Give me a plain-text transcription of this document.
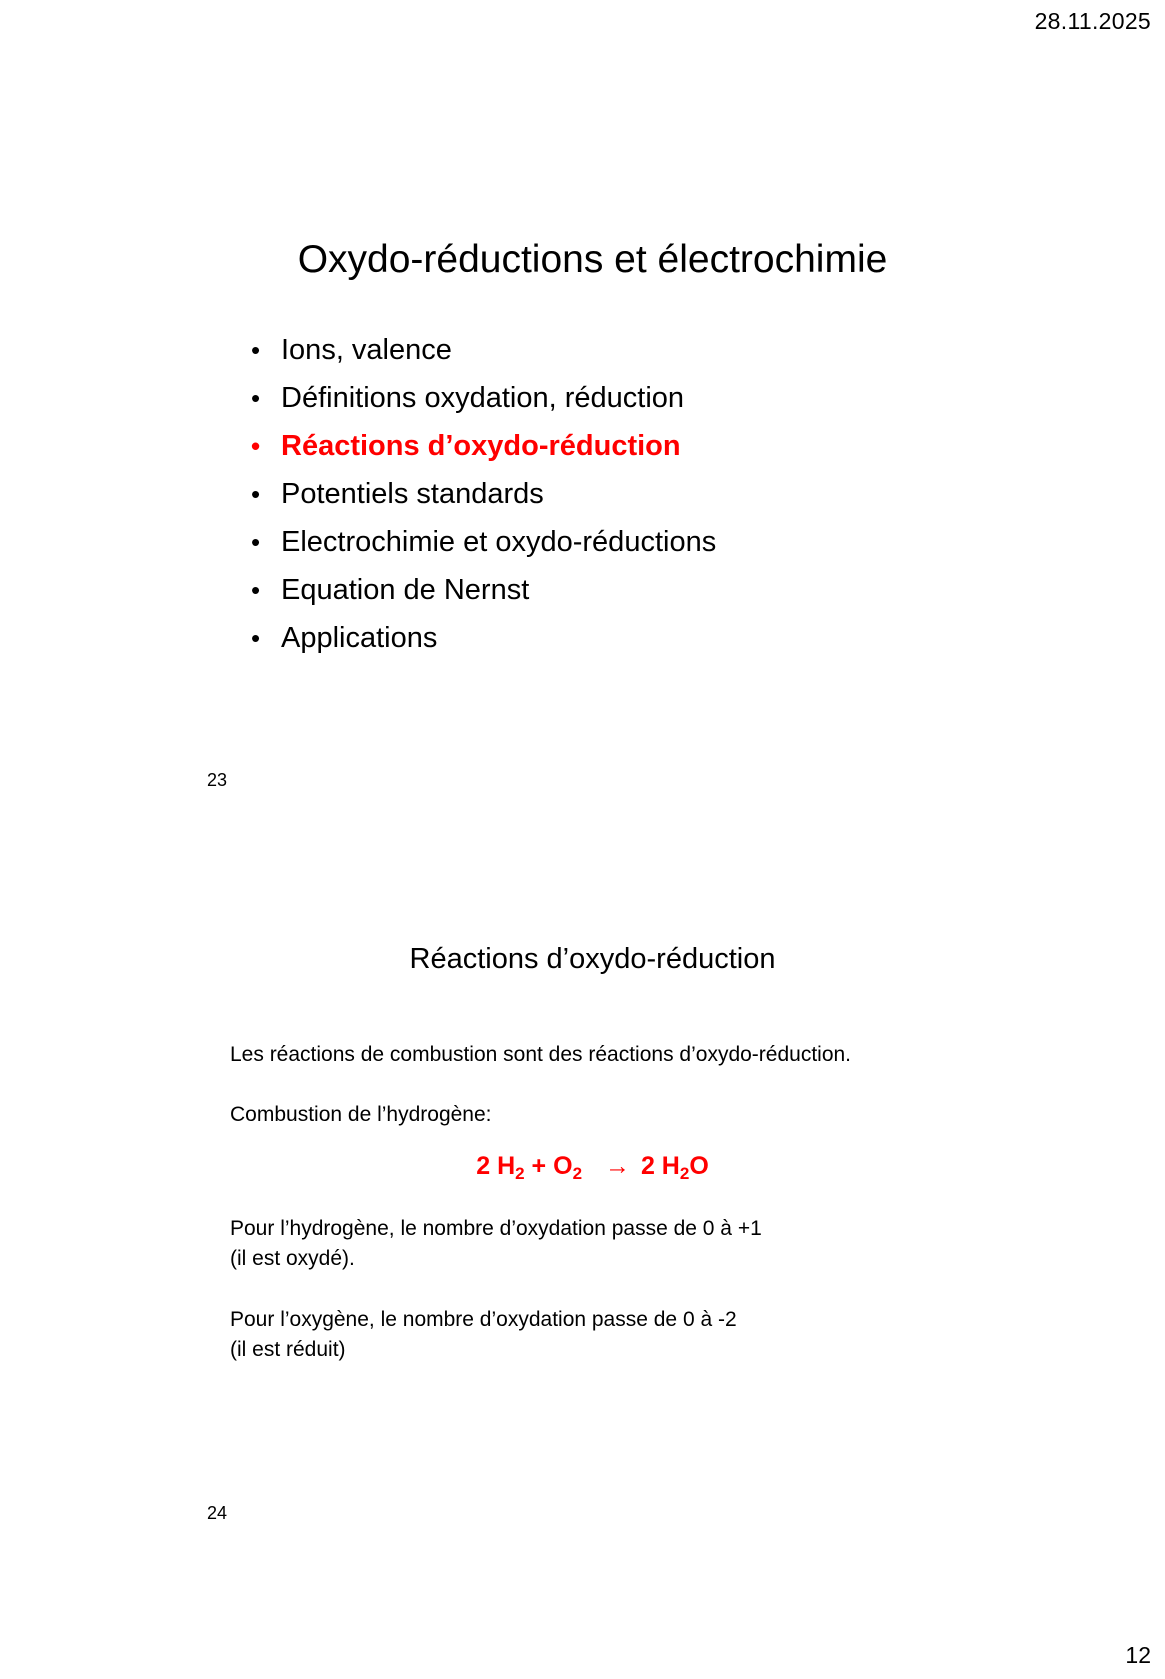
28.11.2025
12
Oxydo-réductions et électrochimie
• Ions, valence
• Définitions oxydation, réduction
• Réactions d’oxydo-réduction
• Potentiels standards
• Electrochimie et oxydo-réductions
• Equation de Nernst
• Applications
23
Réactions d’oxydo-réduction
Les réactions de combustion sont des réactions d’oxydo-réduction.
Combustion de l’hydrogène:
2 $H_2 + O_2 \to 2$ $H_2O$
Pour l’hydrogène, le nombre d’oxydation passe de 0 à +1
(il est oxydé).
Pour l’oxygène, le nombre d’oxydation passe de 0 à -2
(il est réduit)
24
